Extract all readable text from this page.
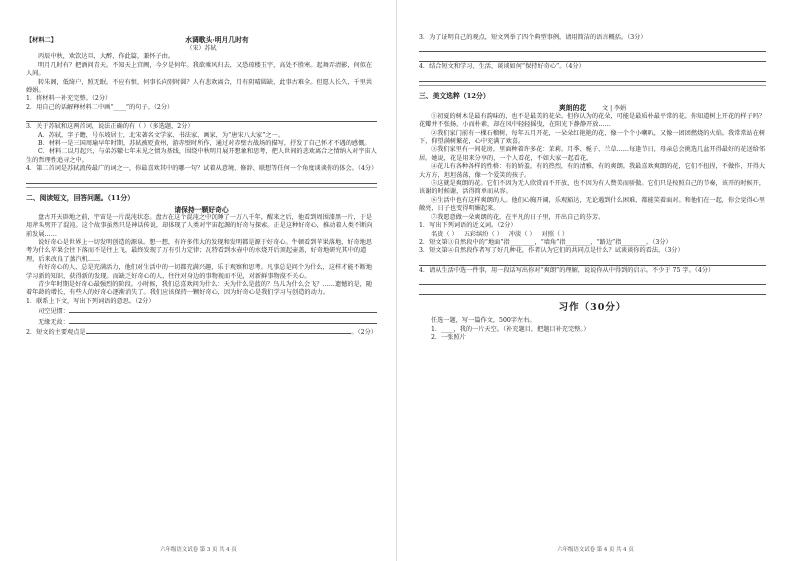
【材料二】	水调歌头·明月几时有

（宋）苏轼

丙辰中秋，欢饮达旦，大醉，作此篇，兼怀子由。

明月几时有？把酒问青天。不知天上宫阙，今夕是何年。我欲乘风归去，又恐琼楼玉宇，高处不胜寒。起舞弄清影，何似在人间。

转朱阁，低绮户，照无眠。不应有恨，何事长向别时圆？人有悲欢离合，月有阴晴圆缺，此事古难全。但愿人长久，千里共婵娟。

1．将材料一补充完整。（2分）

2．用自己的话解释材料二中画“____”的句子。（2分）

3．关于苏轼和这两首词，说法正确的有（ ）（多选题，2分）

A．苏轼，字子瞻，号东坡居士，北宋著名文学家、书法家、画家，为“唐宋八大家”之一。

B．材料一是三国周瑜早年时期，苏轼被贬黄州，游赤壁时所作，通过对赤壁古战场的描写，抒发了自己怀才不遇的感慨。

C．材料二以月起兴，与弟苏辙七年未见之情为基线，围绕中秋明月展开想象和思考，把人世间的悲欢离合之情纳入对宇宙人生的哲理性追寻之中。

4．第二首词是苏轼流传最广的词之一，你最喜欢其中的哪一句？试着从意境、修辞、联想等任何一个角度谈谈你的体会。（4分）

二、阅读短文，回答问题。（11分）

请保持一颗好奇心

盘古开天辟地之前，宇宙是一片混沌状态。盘古在这个混沌之中沉睡了一万八千年，醒来之后，他看到周围漆黑一片，于是用斧头劈开了混沌。这个故事虽然只是神话传说，却体现了人类对宇宙起源的好奇与探索。正是这种好奇心，推动着人类不断向前发展……

说好奇心是世界上一切发明创造的源泉。想一想，有许多伟大的发现和发明都是源于好奇心。牛顿看到苹果落地，好奇地思考为什么苹果会往下落而不是往上飞，最终发现了万有引力定律；瓦特看到水壶中的水烧开后顶起壶盖，好奇地研究其中的道理，后来改良了蒸汽机……

有好奇心的人，总是充满活力，他们对生活中的一切都充满兴趣，乐于观察和思考。凡事总是问个为什么，这样才能不断地学习新的知识，获得新的发现。而缺乏好奇心的人，往往对身边的事物视而不见，对新鲜事物漠不关心。

青少年时期是好奇心最强烈的阶段。小时候，我们总喜欢问为什么：天为什么是蓝的？鸟儿为什么会飞？……遗憾的是，随着年龄的增长，有些人的好奇心逐渐消失了。我们应该保持一颗好奇心，因为好奇心是我们学习与创造的动力。

1．联系上下文，写出下列词语的意思。（2分）

司空见惯：
无缘无故：
2．短文的主要观点是	。（2分）
六年级语文试卷 第 3 页 共 4 页

3．为了证明自己的观点，短文列举了四个典型事例，请用简洁的语言概括。（3分）

4．结合短文和学习、生活，谈谈如何“保持好奇心”。（4分）

三、美文选粹（12分）

爽朗的花	文 | 李娟

①初夏的树木是最有韵味的，也不是最美的花朵。但你认为的花朵，可能是最质朴最平常的花。你知道树上开花的样子吗？花瓣并不张扬，小而朴素，却在风中轻轻摇曳，在阳光下静静开放……

②我们家门前有一棵石榴树，每年五月开花，一朵朵红艳艳的花，像一个个小喇叭，又像一团团燃烧的火焰。我常常站在树下，仰望满树繁花，心中充满了欢喜。

③我们家里有一间花房，里面种着许多花：茉莉、月季、栀子、兰草……每逢节日，母亲总会挑选几盆开得最好的花送给邻居。她说，花是用来分享的，一个人看花，不如大家一起看花。

④花儿有各种各样的性格：有的娇羞，有的热烈，有的清雅，有的爽朗。我最喜欢爽朗的花，它们不扭捏，不做作，开得大大方方，坦坦荡荡，像一个爱笑的孩子。

⑤这就是爽朗的花。它们不因为无人欣赏而不开放，也不因为有人赞美而骄傲。它们只是按照自己的节奏，该开的时候开，该谢的时候谢，活得简单而从容。

⑥生活中也有这样爽朗的人。他们心胸开阔，乐观豁达，无论遇到什么困难，都能笑着面对。和他们在一起，你会觉得心里敞亮，日子也变得明媚起来。

⑦我愿意做一朵爽朗的花，在平凡的日子里，开出自己的芬芳。

1．写出下列词语的近义词。（2分）

名贵（ ） 五彩缤纷（ ） 冲淡（ ） 对照（ ）

2．短文第③自然段中的“地面”指________，“墙角”指________，“路边”指________。（3分）

3．短文第④自然段作者写了好几种花，作者认为它们的共同点是什么？试谈谈你的看法。（3分）

4．请从生活中选一件事，用一段话写出你对“爽朗”的理解，说说你从中得到的启示。不少于 75 字。（4分）

习作（30分）

任选一题，写一篇作文，500字左右。

1．____，我的一片天空。（补充题目，把题目补充完整。）

2．一张照片

六年级语文试卷 第 4 页 共 4 页
